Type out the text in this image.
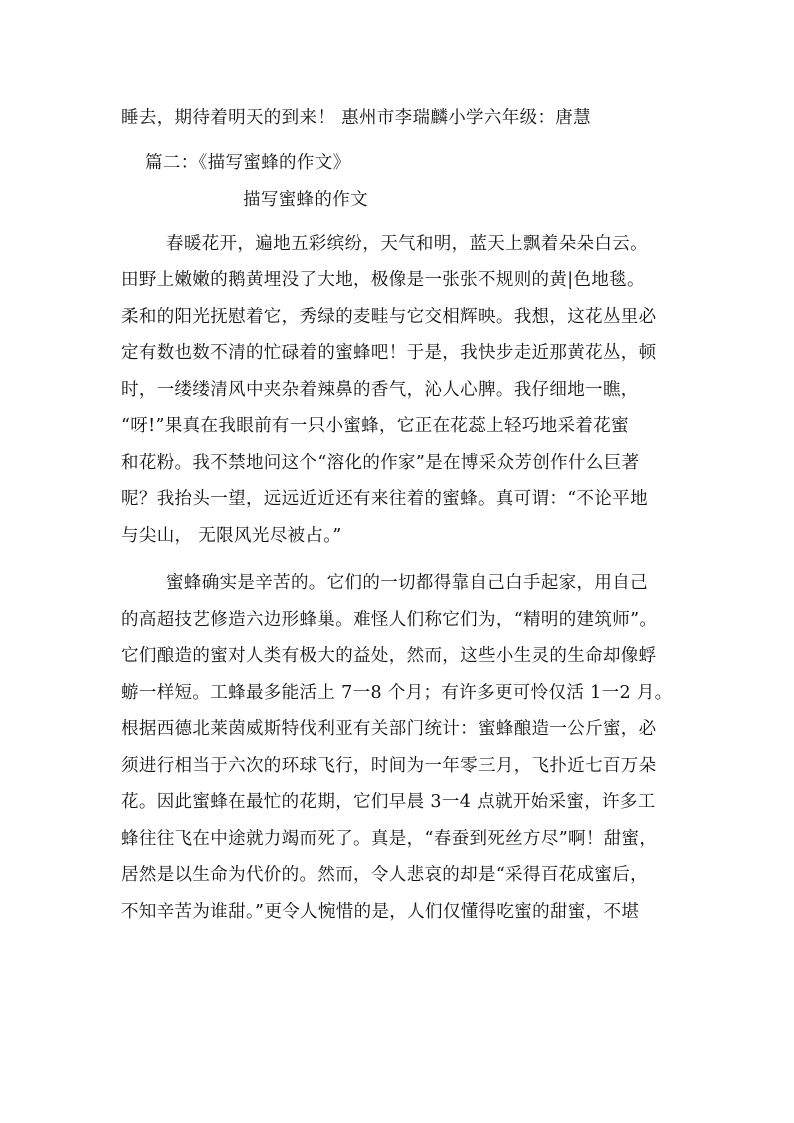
睡去，期待着明天的到来！ 惠州市李瑞麟小学六年级：唐慧
篇二：《描写蜜蜂的作文》
描写蜜蜂的作文
春暖花开，遍地五彩缤纷，天气和明，蓝天上飘着朵朵白云。
田野上嫩嫩的鹅黄埋没了大地，极像是一张张不规则的黄|色地毯。
柔和的阳光抚慰着它，秀绿的麦畦与它交相辉映。我想，这花丛里必
定有数也数不清的忙碌着的蜜蜂吧！于是，我快步走近那黄花丛，顿
时，一缕缕清风中夹杂着辣鼻的香气，沁人心脾。我仔细地一瞧，
“呀!”果真在我眼前有一只小蜜蜂，它正在花蕊上轻巧地采着花蜜
和花粉。我不禁地问这个“溶化的作家”是在博采众芳创作什么巨著
呢？我抬头一望，远远近近还有来往着的蜜蜂。真可谓：“不论平地
与尖山， 无限风光尽被占。”
蜜蜂确实是辛苦的。它们的一切都得靠自己白手起家，用自己
的高超技艺修造六边形蜂巢。难怪人们称它们为，“精明的建筑师”。
它们酿造的蜜对人类有极大的益处，然而，这些小生灵的生命却像蜉
蝣一样短。工蜂最多能活上 7一8 个月；有许多更可怜仅活 1一2 月。
根据西德北莱茵威斯特伐利亚有关部门统计：蜜蜂酿造一公斤蜜，必
须进行相当于六次的环球飞行，时间为一年零三月，飞扑近七百万朵
花。因此蜜蜂在最忙的花期，它们早晨 3一4 点就开始采蜜，许多工
蜂往往飞在中途就力竭而死了。真是，“春蚕到死丝方尽”啊！甜蜜，
居然是以生命为代价的。然而，令人悲哀的却是“采得百花成蜜后，
不知辛苦为谁甜。”更令人惋惜的是，人们仅懂得吃蜜的甜蜜，不堪
